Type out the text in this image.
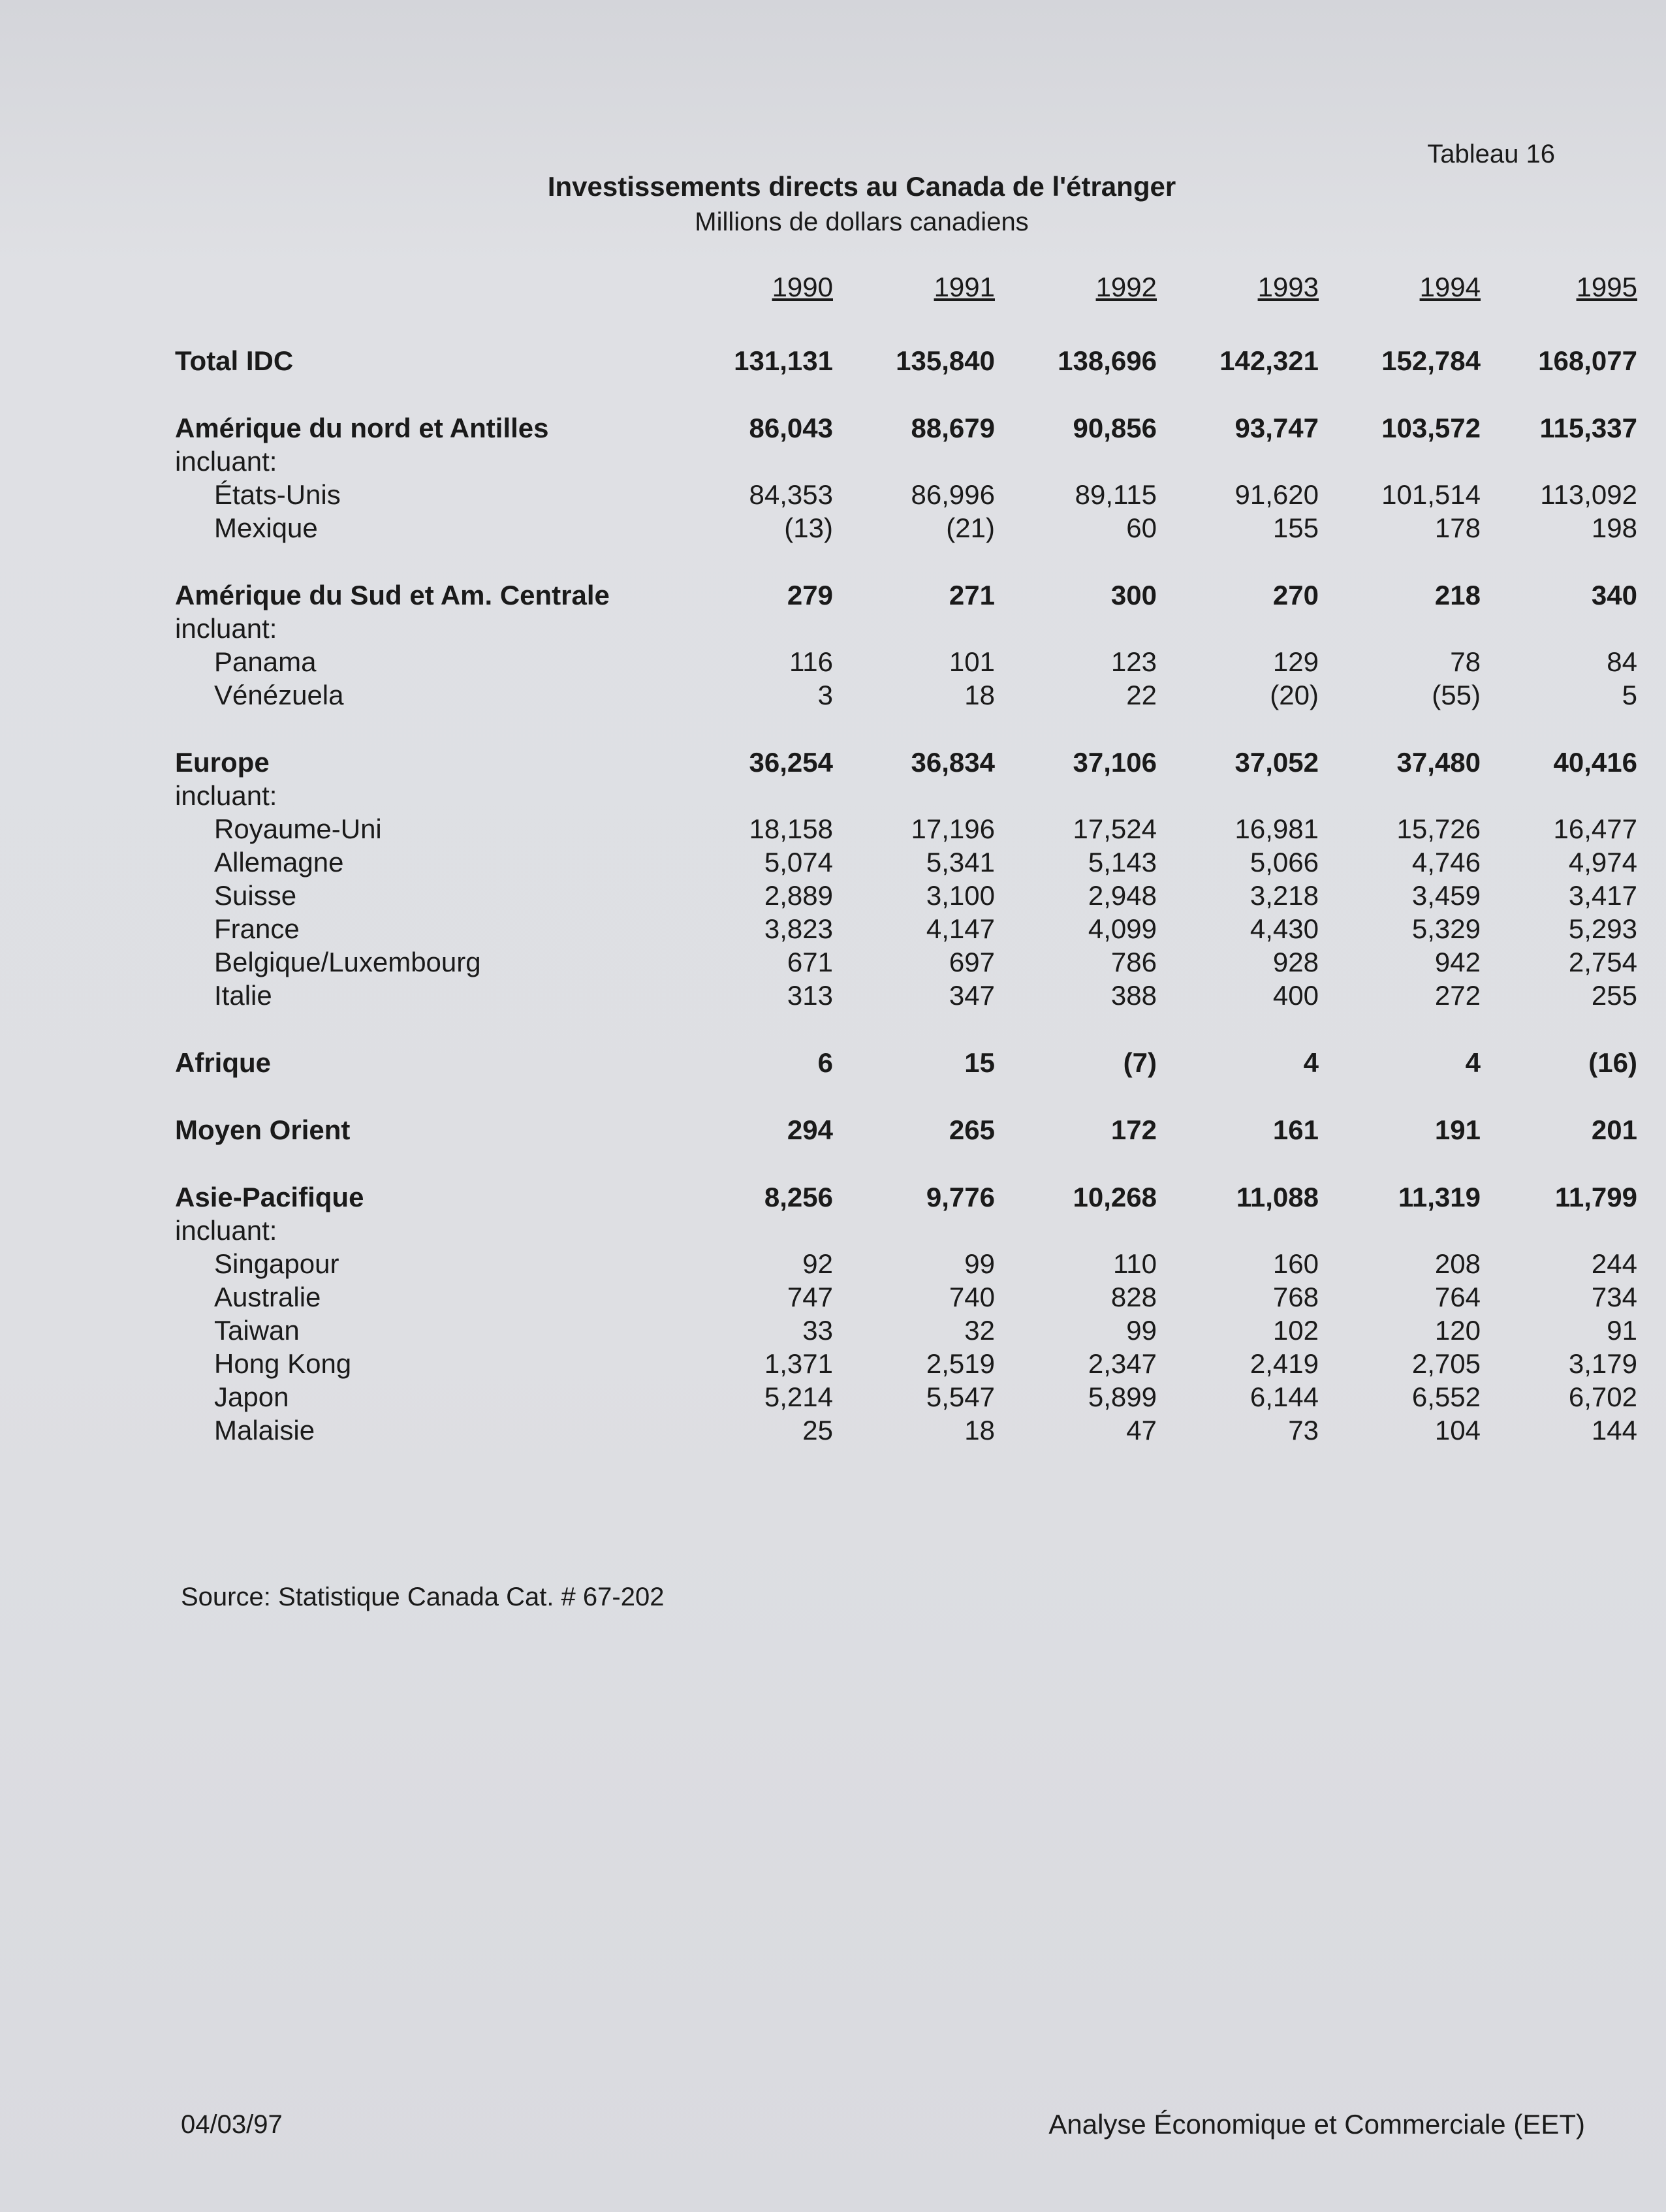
Tableau 16
Investissements directs au Canada de l'étranger
Millions de dollars canadiens
	1990	1991	1992	1993	1994	1995

Total IDC	131,131	135,840	138,696	142,321	152,784	168,077

Amérique du nord et Antilles	86,043	88,679	90,856	93,747	103,572	115,337
incluant:						
États-Unis	84,353	86,996	89,115	91,620	101,514	113,092
Mexique	(13)	(21)	60	155	178	198

Amérique du Sud et Am. Centrale	279	271	300	270	218	340
incluant:						
Panama	116	101	123	129	78	84
Vénézuela	3	18	22	(20)	(55)	5

Europe	36,254	36,834	37,106	37,052	37,480	40,416
incluant:						
Royaume-Uni	18,158	17,196	17,524	16,981	15,726	16,477
Allemagne	5,074	5,341	5,143	5,066	4,746	4,974
Suisse	2,889	3,100	2,948	3,218	3,459	3,417
France	3,823	4,147	4,099	4,430	5,329	5,293
Belgique/Luxembourg	671	697	786	928	942	2,754
Italie	313	347	388	400	272	255

Afrique	6	15	(7)	4	4	(16)

Moyen Orient	294	265	172	161	191	201

Asie-Pacifique	8,256	9,776	10,268	11,088	11,319	11,799
incluant:						
Singapour	92	99	110	160	208	244
Australie	747	740	828	768	764	734
Taiwan	33	32	99	102	120	91
Hong Kong	1,371	2,519	2,347	2,419	2,705	3,179
Japon	5,214	5,547	5,899	6,144	6,552	6,702
Malaisie	25	18	47	73	104	144
Source: Statistique Canada Cat. # 67-202
04/03/97	Analyse Économique et Commerciale (EET)
